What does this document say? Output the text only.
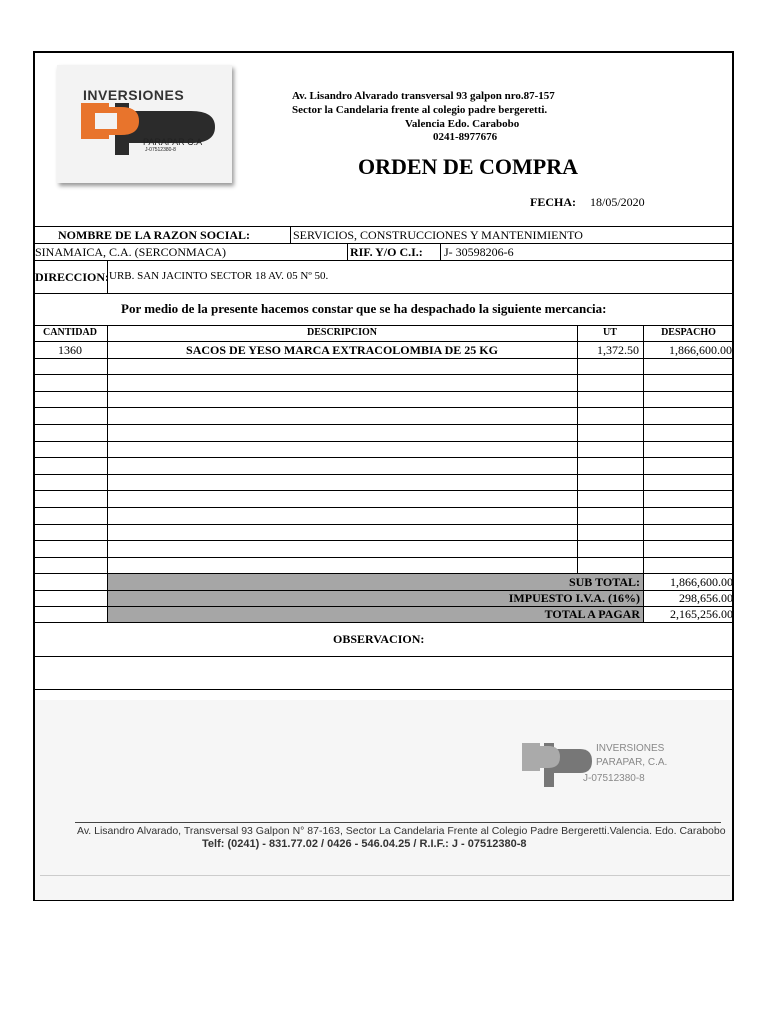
INVERSIONES
PARAPAR C.A
J-07512380-8
Av. Lisandro Alvarado transversal 93 galpon nro.87-157
Sector la Candelaria frente al colegio padre bergeretti.
Valencia Edo. Carabobo
0241-8977676
ORDEN DE COMPRA
FECHA: 18/05/2020
NOMBRE DE LA RAZON SOCIAL:	SERVICIOS, CONSTRUCCIONES Y MANTENIMIENTO
SINAMAICA, C.A. (SERCONMACA)	RIF. Y/O C.I.: J- 30598206-6
DIRECCION: URB. SAN JACINTO SECTOR 18 AV. 05 Nº 50.
Por medio de la presente hacemos constar que se ha despachado la siguiente mercancia:
CANTIDAD	DESCRIPCION	UT	DESPACHO
1360	SACOS DE YESO MARCA EXTRACOLOMBIA DE 25 KG	1,372.50	1,866,600.00
SUB TOTAL:	1,866,600.00
IMPUESTO I.V.A. (16%)	298,656.00
TOTAL A PAGAR	2,165,256.00
OBSERVACION:
INVERSIONES
PARAPAR, C.A.
J-07512380-8
Av. Lisandro Alvarado, Transversal 93 Galpon N° 87-163, Sector La Candelaria Frente al Colegio Padre Bergeretti.Valencia. Edo. Carabobo
Telf: (0241) - 831.77.02 / 0426 - 546.04.25 / R.I.F.: J - 07512380-8
